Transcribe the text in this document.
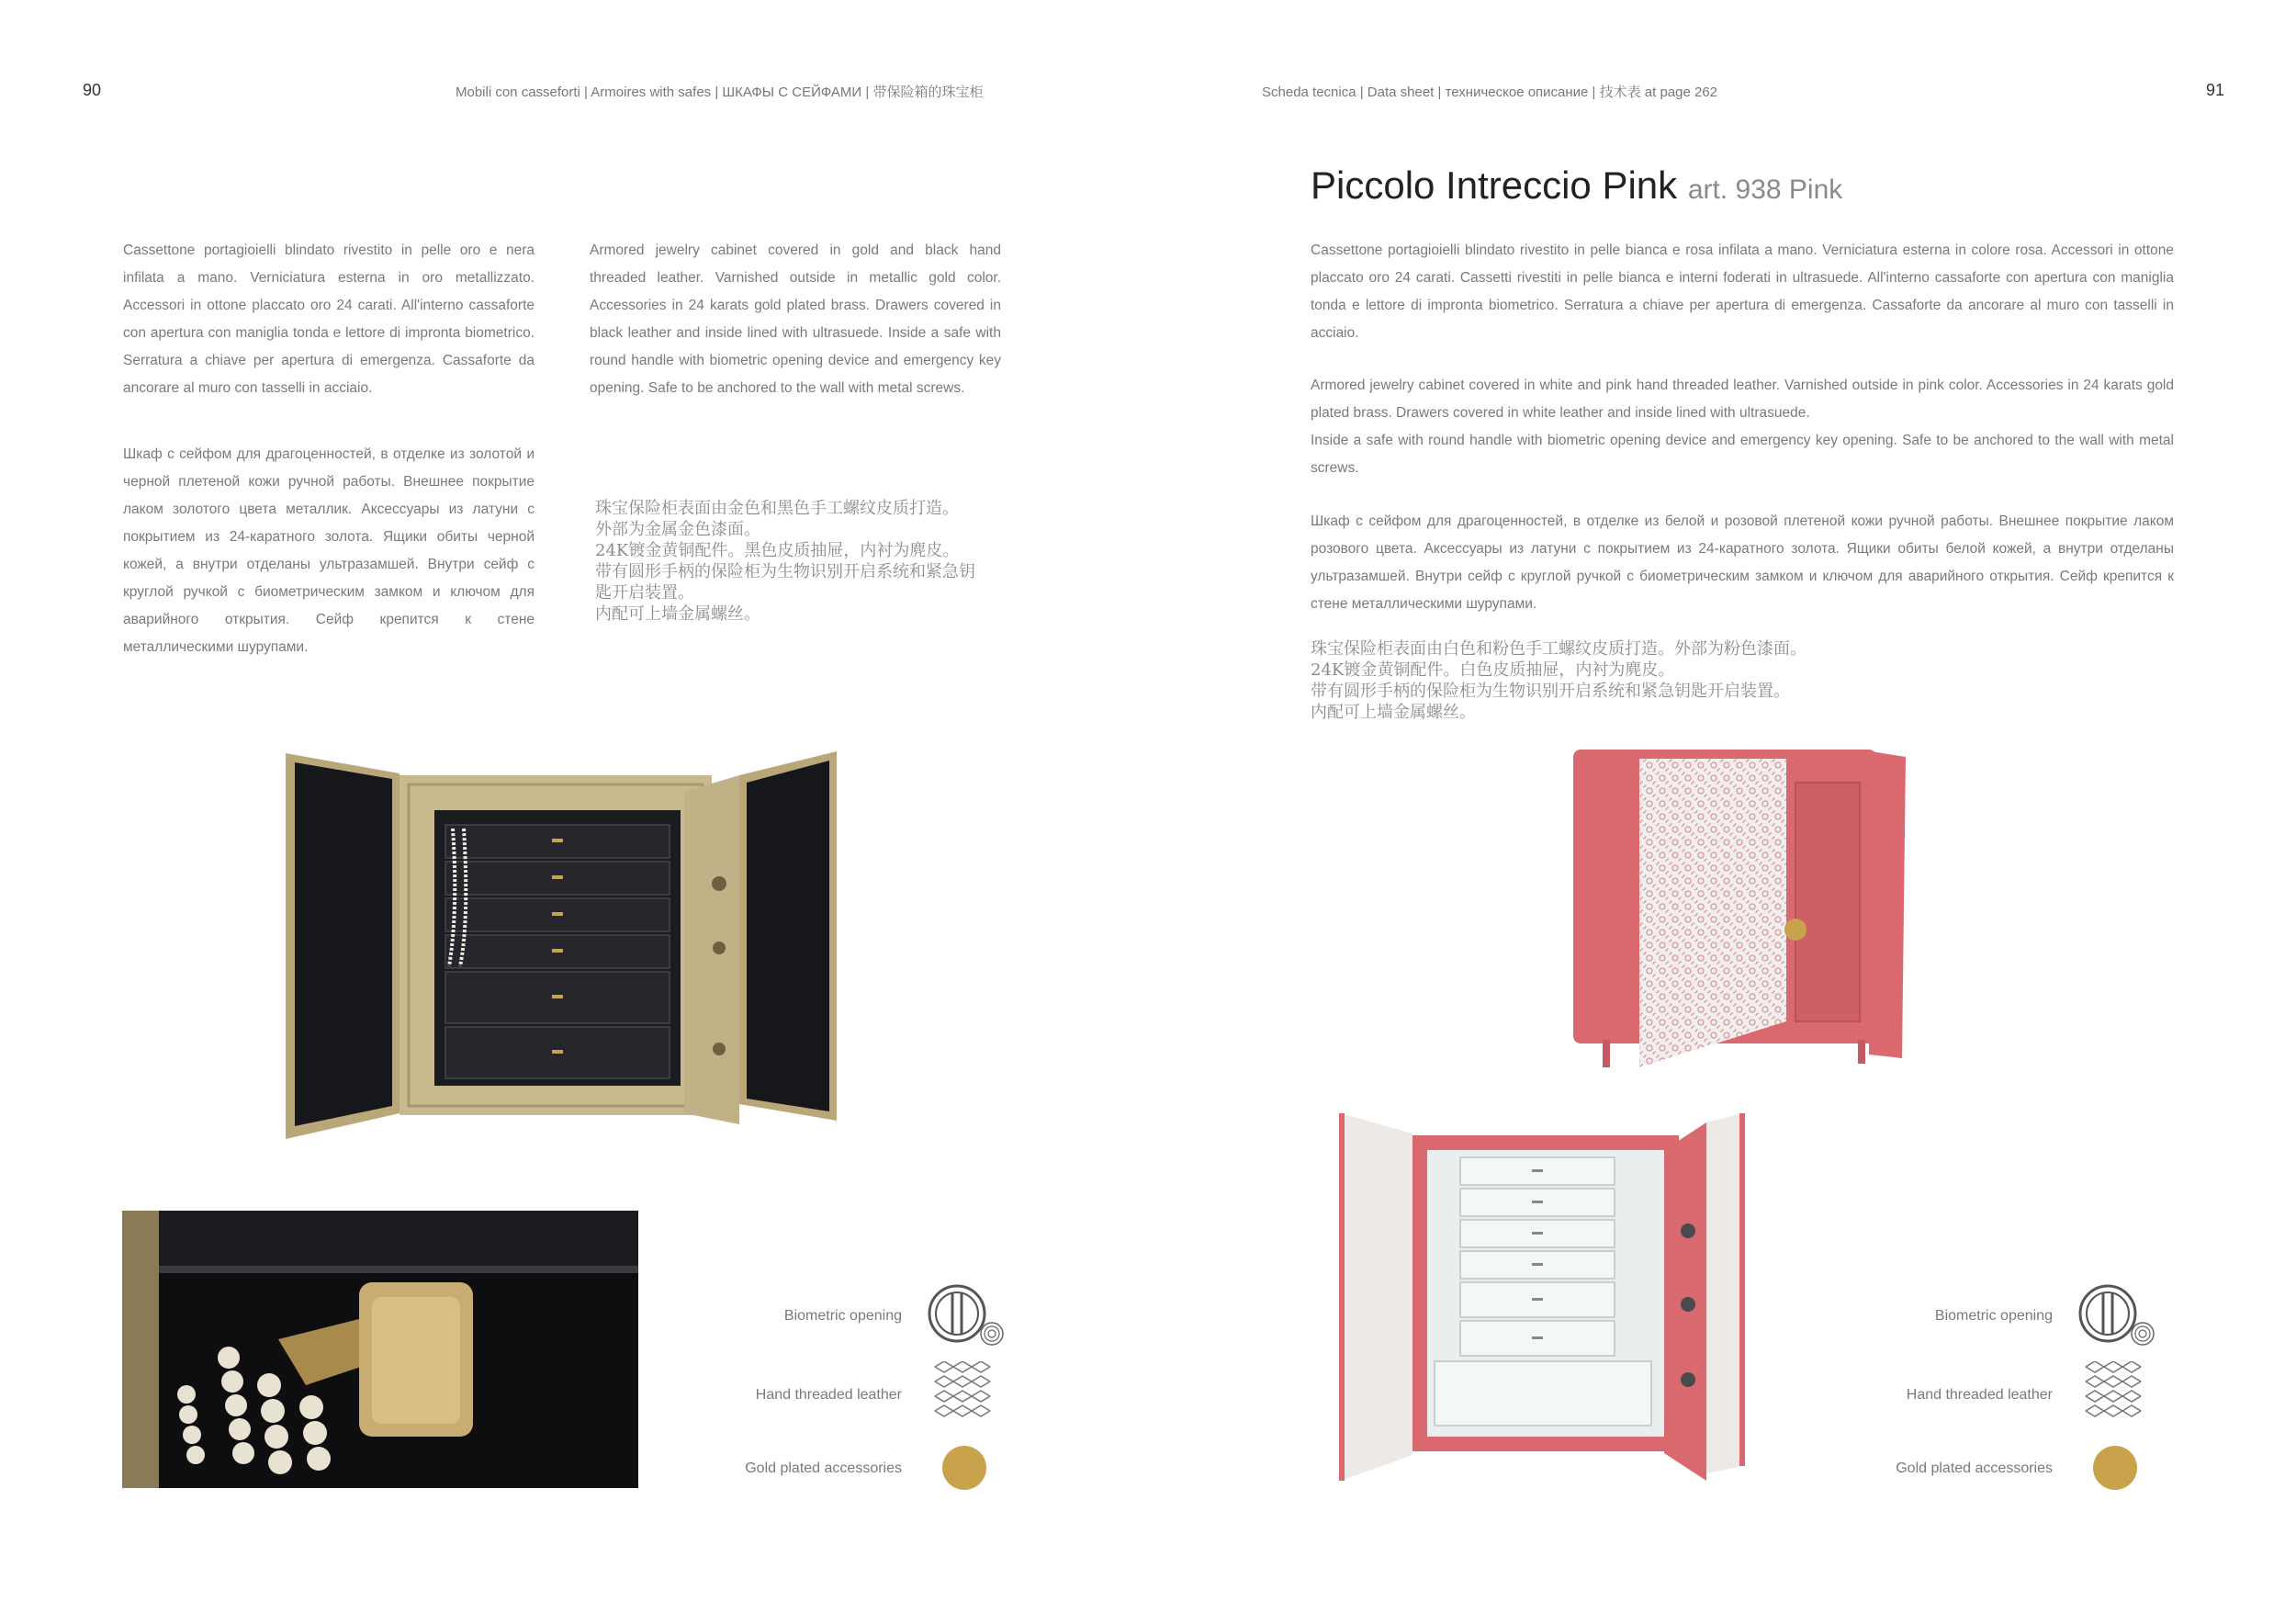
90	Mobili con casseforti | Armoires with safes | ШКАФЫ С СЕЙФАМИ | 带保险箱的珠宝柜

Cassettone portagioielli blindato rivestito in pelle oro e nera infilata a mano. Verniciatura esterna in oro metallizzato. Accessori in ottone placcato oro 24 carati. All'interno cassaforte con apertura con maniglia tonda e lettore di impronta biometrico. Serratura a chiave per apertura di emergenza. Cassaforte da ancorare al muro con tasselli in acciaio.

Armored jewelry cabinet covered in gold and black hand threaded leather. Varnished outside in metallic gold color. Accessories in 24 karats gold plated brass. Drawers covered in black leather and inside lined with ultrasuede. Inside a safe with round handle with biometric opening device and emergency key opening. Safe to be anchored to the wall with metal screws.

Шкаф с сейфом для драгоценностей, в отделке из золотой и черной плетеной кожи ручной работы. Внешнее покрытие лаком золотого цвета металлик. Аксессуары из латуни с покрытием из 24-каратного золота. Ящики обиты черной кожей, а внутри отделаны ультразамшей. Внутри сейф с круглой ручкой с биометрическим замком и ключом для аварийного открытия. Сейф крепится к стене металлическими шурупами.

珠宝保险柜表面由金色和黑色手工螺纹皮质打造。
外部为金属金色漆面。
24K镀金黄铜配件。黑色皮质抽屉，内衬为麂皮。
带有圆形手柄的保险柜为生物识别开启系统和紧急钥
匙开启装置。
内配可上墙金属螺丝。

Biometric opening
Hand threaded leather
Gold plated accessories
Scheda tecnica | Data sheet | техническое описание | 技术表 at page 262	91
Piccolo Intreccio Pink art. 938 Pink

Cassettone portagioielli blindato rivestito in pelle bianca e rosa infilata a mano. Verniciatura esterna in colore rosa. Accessori in ottone placcato oro 24 carati. Cassetti rivestiti in pelle bianca e interni foderati in ultrasuede. All'interno cassaforte con apertura con maniglia tonda e lettore di impronta biometrico. Serratura a chiave per apertura di emergenza. Cassaforte da ancorare al muro con tasselli in acciaio.

Armored jewelry cabinet covered in white and pink hand threaded leather. Varnished outside in pink color. Accessories in 24 karats gold plated brass. Drawers covered in white leather and inside lined with ultrasuede.

Inside a safe with round handle with biometric opening device and emergency key opening. Safe to be anchored to the wall with metal screws.

Шкаф с сейфом для драгоценностей, в отделке из белой и розовой плетеной кожи ручной работы. Внешнее покрытие лаком розового цвета. Аксессуары из латуни с покрытием из 24-каратного золота. Ящики обиты белой кожей, а внутри отделаны ультразамшей. Внутри сейф с круглой ручкой с биометрическим замком и ключом для аварийного открытия. Сейф крепится к стене металлическими шурупами.

珠宝保险柜表面由白色和粉色手工螺纹皮质打造。外部为粉色漆面。
24K镀金黄铜配件。白色皮质抽屉，内衬为麂皮。
带有圆形手柄的保险柜为生物识别开启系统和紧急钥匙开启装置。
内配可上墙金属螺丝。

Biometric opening
Hand threaded leather
Gold plated accessories
